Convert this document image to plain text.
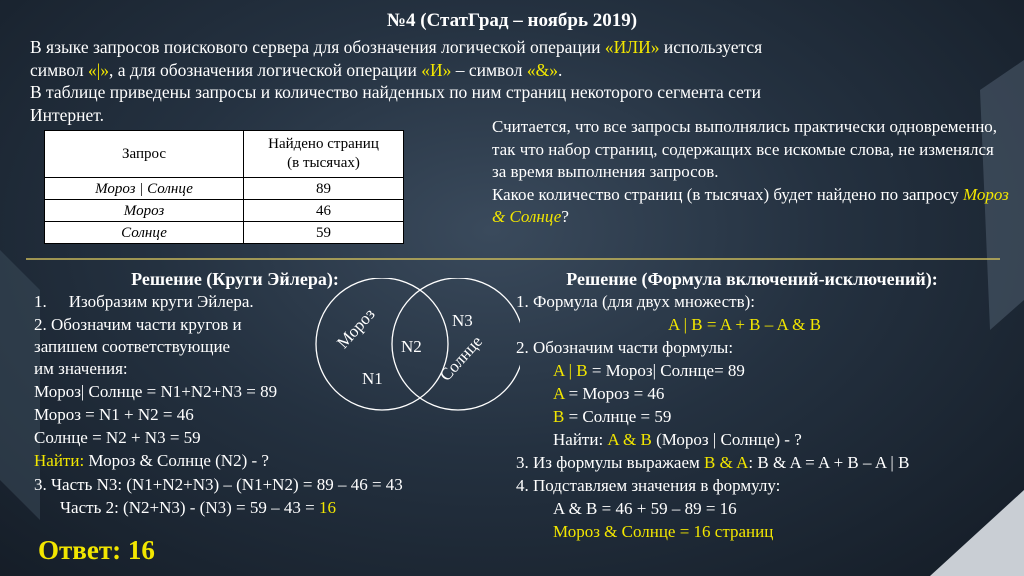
№4 (СтатГрад – ноябрь 2019)
В языке запросов поискового сервера для обозначения логической операции «ИЛИ» используется
символ «|», а для обозначения логической операции «И» – символ «&».
В таблице приведены запросы и количество найденных по ним страниц некоторого сегмента сети
Интернет.
Запрос	Найдено страниц
(в тысячах)
Мороз | Солнце	89
Мороз	46
Солнце	59
Считается, что все запросы выполнялись практически одновременно, так что набор страниц, содержащих все искомые слова, не изменялся за время выполнения запросов.
Какое количество страниц (в тысячах) будет найдено по запросу Мороз & Солнце?
Решение (Круги Эйлера):
1. Изобразим круги Эйлера.
2. Обозначим части кругов и
запишем соответствующие
им значения:
Мороз| Солнце = N1+N2+N3 = 89
Мороз = N1 + N2 = 46
Солнце = N2 + N3 = 59
Найти: Мороз & Солнце (N2) - ?
3. Часть N3: (N1+N2+N3) – (N1+N2) = 89 – 46 = 43
Часть 2: (N2+N3) - (N3) = 59 – 43 = 16
Мороз
Солнце
N1
N2
N3
Решение (Формула включений-исключений):
1. Формула (для двух множеств):
A | B = A + B – A & B
2. Обозначим части формулы:
A | B = Мороз| Солнце= 89
A = Мороз = 46
B = Солнце = 59
Найти: A & B (Мороз | Солнце) - ?
3. Из формулы выражаем B & A: B & A = A + B – A | B
4. Подставляем значения в формулу:
A & B = 46 + 59 – 89 = 16
Мороз & Солнце = 16 страниц
Ответ: 16
